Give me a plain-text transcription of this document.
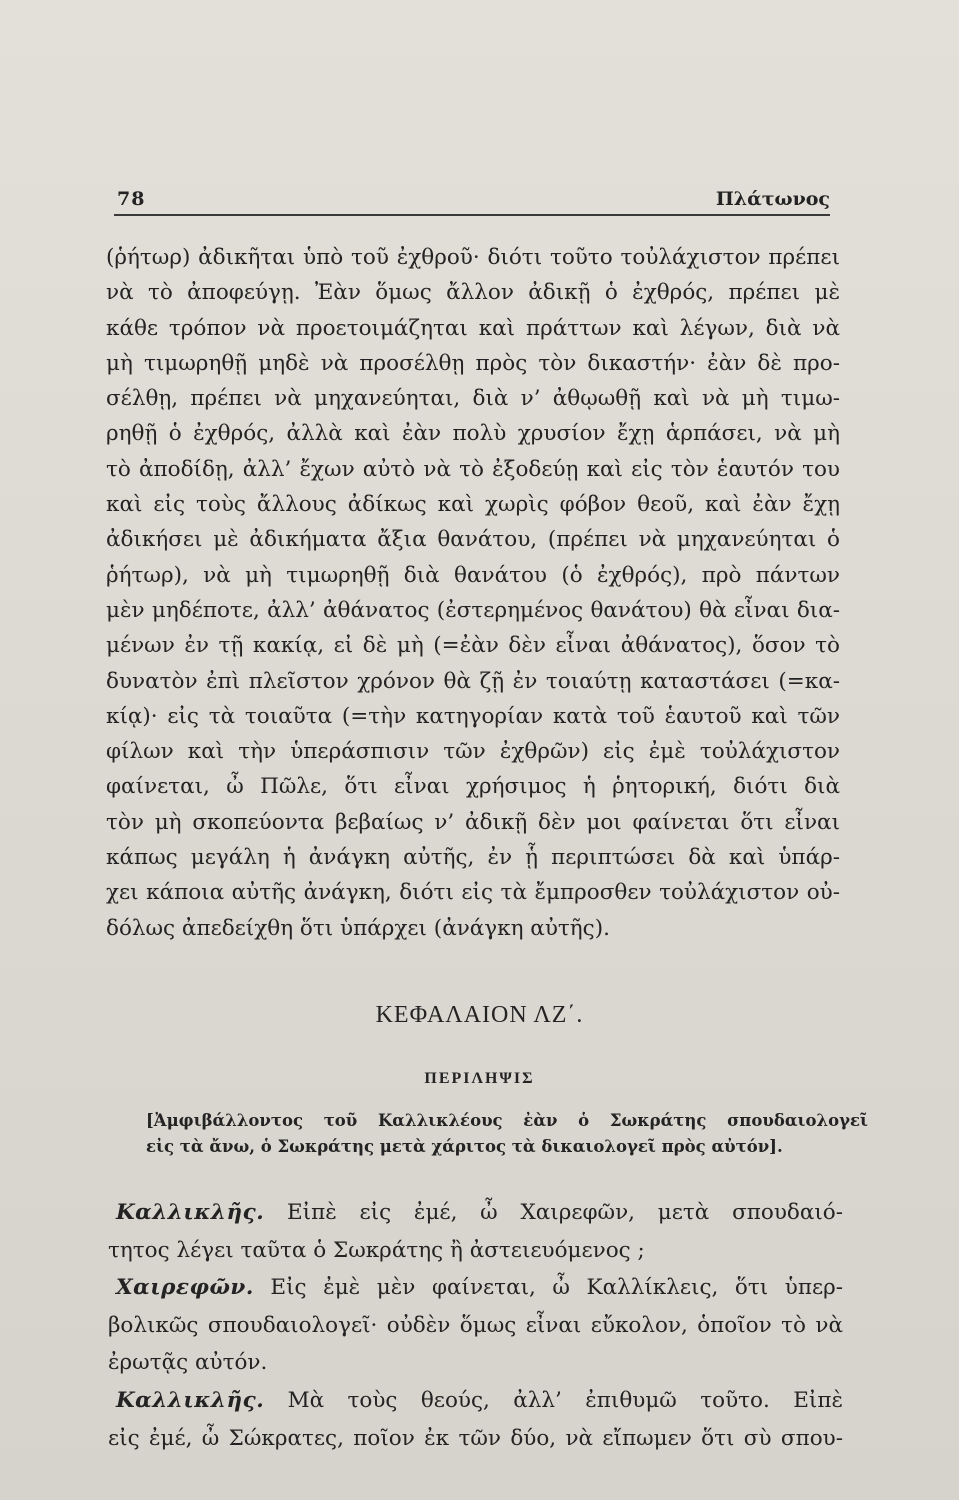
78	Πλάτωνος
(ῥήτωρ) ἀδικῆται ὑπὸ τοῦ ἐχθροῦ· διότι τοῦτο τοὐλάχιστον πρέπει
νὰ τὸ ἀποφεύγῃ. Ἐὰν ὅμως ἄλλον ἀδικῇ ὁ ἐχθρός, πρέπει μὲ
κάθε τρόπον νὰ προετοιμάζηται καὶ πράττων καὶ λέγων, διὰ νὰ
μὴ τιμωρηθῇ μηδὲ νὰ προσέλθῃ πρὸς τὸν δικαστήν· ἐὰν δὲ προ-
σέλθῃ, πρέπει νὰ μηχανεύηται, διὰ ν’ ἀθῳωθῇ καὶ νὰ μὴ τιμω-
ρηθῇ ὁ ἐχθρός, ἀλλὰ καὶ ἐὰν πολὺ χρυσίον ἔχῃ ἁρπάσει, νὰ μὴ
τὸ ἀποδίδῃ, ἀλλ’ ἔχων αὐτὸ νὰ τὸ ἐξοδεύῃ καὶ εἰς τὸν ἑαυτόν του
καὶ εἰς τοὺς ἄλλους ἀδίκως καὶ χωρὶς φόβον θεοῦ, καὶ ἐὰν ἔχῃ
ἀδικήσει μὲ ἀδικήματα ἄξια θανάτου, (πρέπει νὰ μηχανεύηται ὁ
ῥήτωρ), νὰ μὴ τιμωρηθῇ διὰ θανάτου (ὁ ἐχθρός), πρὸ πάντων
μὲν μηδέποτε, ἀλλ’ ἀθάνατος (ἐστερημένος θανάτου) θὰ εἶναι δια-
μένων ἐν τῇ κακίᾳ, εἰ δὲ μὴ (=ἐὰν δὲν εἶναι ἀθάνατος), ὅσον τὸ
δυνατὸν ἐπὶ πλεῖστον χρόνον θὰ ζῇ ἐν τοιαύτῃ καταστάσει (=κα-
κίᾳ)· εἰς τὰ τοιαῦτα (=τὴν κατηγορίαν κατὰ τοῦ ἑαυτοῦ καὶ τῶν
φίλων καὶ τὴν ὑπεράσπισιν τῶν ἐχθρῶν) εἰς ἐμὲ τοὐλάχιστον
φαίνεται, ὦ Πῶλε, ὅτι εἶναι χρήσιμος ἡ ῥητορική, διότι διὰ
τὸν μὴ σκοπεύοντα βεβαίως ν’ ἀδικῇ δὲν μοι φαίνεται ὅτι εἶναι
κάπως μεγάλη ἡ ἀνάγκη αὐτῆς, ἐν ᾗ περιπτώσει δὰ καὶ ὑπάρ-
χει κάποια αὐτῆς ἀνάγκη, διότι εἰς τὰ ἔμπροσθεν τοὐλάχιστον οὐ-
δόλως ἀπεδείχθη ὅτι ὑπάρχει (ἀνάγκη αὐτῆς).
ΚΕΦΑΛΑΙΟΝ ΛΖ΄.
ΠΕΡΙΛΗΨΙΣ
[Ἀμφιβάλλοντος τοῦ Καλλικλέους ἐὰν ὁ Σωκράτης σπουδαιολογεῖ
εἰς τὰ ἄνω, ὁ Σωκράτης μετὰ χάριτος τὰ δικαιολογεῖ πρὸς αὐτόν].
Καλλικλῆς. Εἰπὲ εἰς ἐμέ, ὦ Χαιρεφῶν, μετὰ σπουδαιό-
τητος λέγει ταῦτα ὁ Σωκράτης ἢ ἀστειευόμενος ;
Χαιρεφῶν. Εἰς ἐμὲ μὲν φαίνεται, ὦ Καλλίκλεις, ὅτι ὑπερ-
βολικῶς σπουδαιολογεῖ· οὐδὲν ὅμως εἶναι εὔκολον, ὁποῖον τὸ νὰ
ἐρωτᾷς αὐτόν.
Καλλικλῆς. Μὰ τοὺς θεούς, ἀλλ’ ἐπιθυμῶ τοῦτο. Εἰπὲ
εἰς ἐμέ, ὦ Σώκρατες, ποῖον ἐκ τῶν δύο, νὰ εἴπωμεν ὅτι σὺ σπου-
